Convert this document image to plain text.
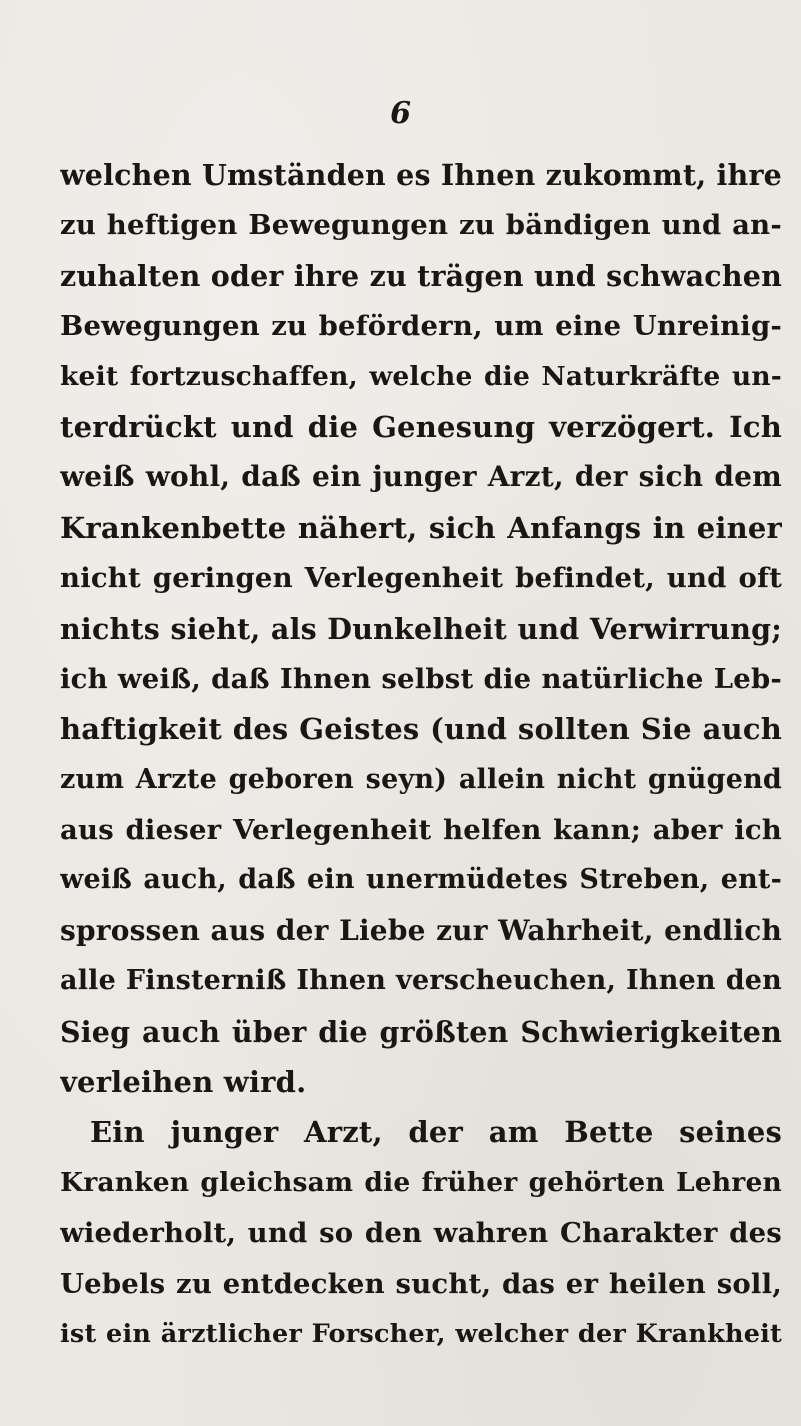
6
welchen Umständen es Ihnen zukommt, ihre
zu heftigen Bewegungen zu bändigen und an-
zuhalten oder ihre zu trägen und schwachen
Bewegungen zu befördern, um eine Unreinig-
keit fortzuschaffen, welche die Naturkräfte un-
terdrückt und die Genesung verzögert. Ich
weiß wohl, daß ein junger Arzt, der sich dem
Krankenbette nähert, sich Anfangs in einer
nicht geringen Verlegenheit befindet, und oft
nichts sieht, als Dunkelheit und Verwirrung;
ich weiß, daß Ihnen selbst die natürliche Leb-
haftigkeit des Geistes (und sollten Sie auch
zum Arzte geboren seyn) allein nicht gnügend
aus dieser Verlegenheit helfen kann; aber ich
weiß auch, daß ein unermüdetes Streben, ent-
sprossen aus der Liebe zur Wahrheit, endlich
alle Finsterniß Ihnen verscheuchen, Ihnen den
Sieg auch über die größten Schwierigkeiten
verleihen wird.
Ein junger Arzt, der am Bette seines
Kranken gleichsam die früher gehörten Lehren
wiederholt, und so den wahren Charakter des
Uebels zu entdecken sucht, das er heilen soll,
ist ein ärztlicher Forscher, welcher der Krankheit
